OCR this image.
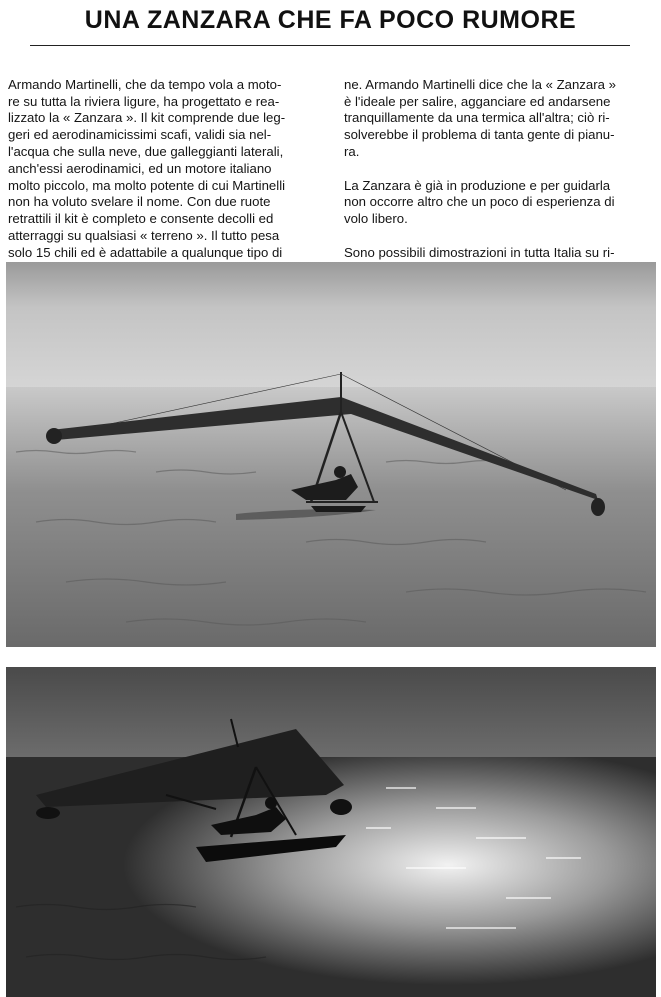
UNA ZANZARA CHE FA POCO RUMORE

Armando Martinelli, che da tempo vola a moto-
re su tutta la riviera ligure, ha progettato e rea-
lizzato la « Zanzara ». Il kit comprende due leg-
geri ed aerodinamicissimi scafi, validi sia nel-
l'acqua che sulla neve, due galleggianti laterali,
anch'essi aerodinamici, ed un motore italiano
molto piccolo, ma molto potente di cui Martinelli
non ha voluto svelare il nome. Con due ruote
retrattili il kit è completo e consente decolli ed
atterraggi su qualsiasi « terreno ». Il tutto pesa
solo 15 chili ed è adattabile a qualunque tipo di

ne. Armando Martinelli dice che la « Zanzara »
è l'ideale per salire, agganciare ed andarsene
tranquillamente da una termica all'altra; ciò ri-
solverebbe il problema di tanta gente di pianu-
ra.

La Zanzara è già in produzione e per guidarla
non occorre altro che un poco di esperienza di
volo libero.

Sono possibili dimostrazioni in tutta Italia su ri-
